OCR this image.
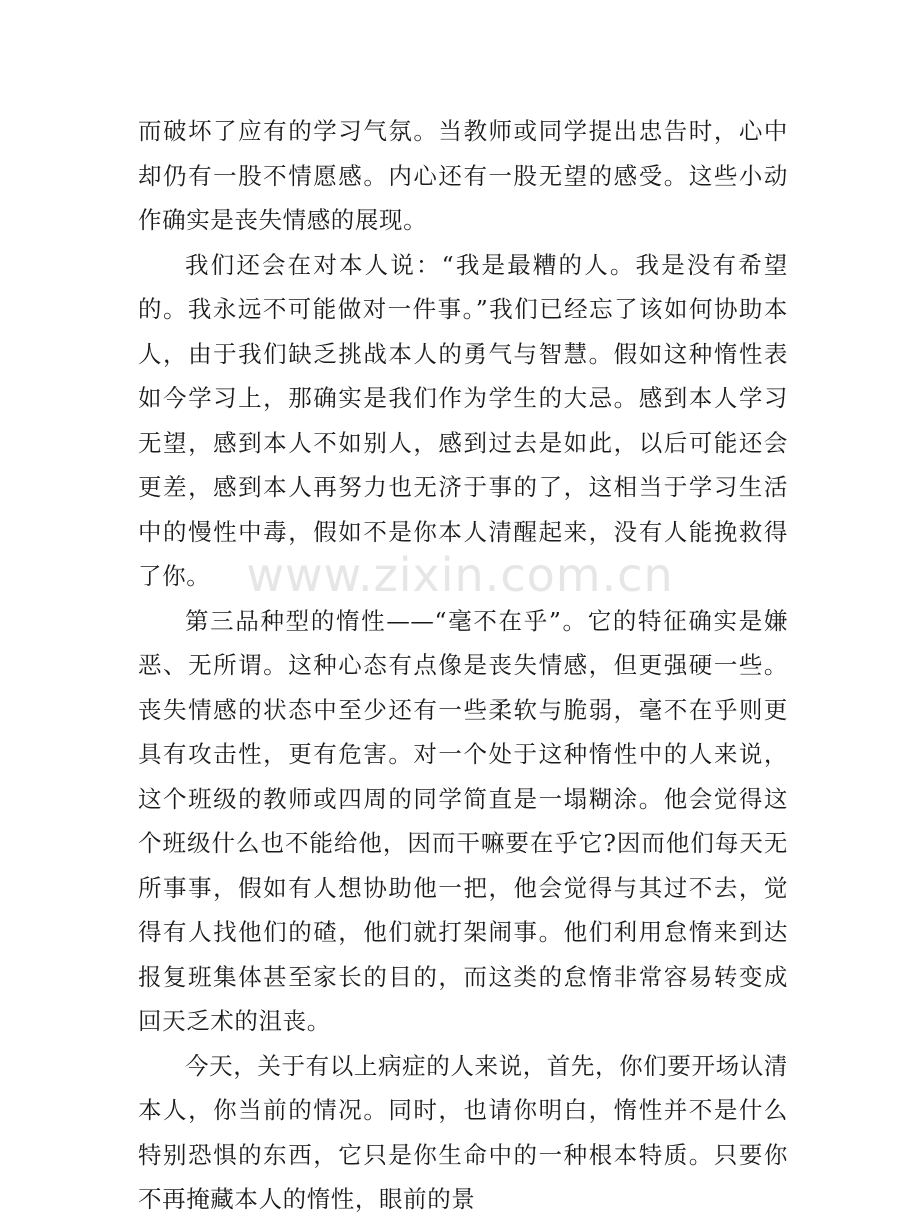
而破坏了应有的学习气氛。当教师或同学提出忠告时，心中却仍有一股不情愿感。内心还有一股无望的感受。这些小动作确实是丧失情感的展现。

我们还会在对本人说：“我是最糟的人。我是没有希望的。我永远不可能做对一件事。”我们已经忘了该如何协助本人，由于我们缺乏挑战本人的勇气与智慧。假如这种惰性表如今学习上，那确实是我们作为学生的大忌。感到本人学习无望，感到本人不如别人，感到过去是如此，以后可能还会更差，感到本人再努力也无济于事的了，这相当于学习生活中的慢性中毒，假如不是你本人清醒起来，没有人能挽救得了你。

第三品种型的惰性——“毫不在乎”。它的特征确实是嫌恶、无所谓。这种心态有点像是丧失情感，但更强硬一些。丧失情感的状态中至少还有一些柔软与脆弱，毫不在乎则更具有攻击性，更有危害。对一个处于这种惰性中的人来说，这个班级的教师或四周的同学简直是一塌糊涂。他会觉得这个班级什么也不能给他，因而干嘛要在乎它?因而他们每天无所事事，假如有人想协助他一把，他会觉得与其过不去，觉得有人找他们的碴，他们就打架闹事。他们利用怠惰来到达报复班集体甚至家长的目的，而这类的怠惰非常容易转变成回天乏术的沮丧。

今天，关于有以上病症的人来说，首先，你们要开场认清本人，你当前的情况。同时，也请你明白，惰性并不是什么特别恐惧的东西，它只是你生命中的一种根本特质。只要你不再掩藏本人的惰性，眼前的景

www.zixin.com.cn
